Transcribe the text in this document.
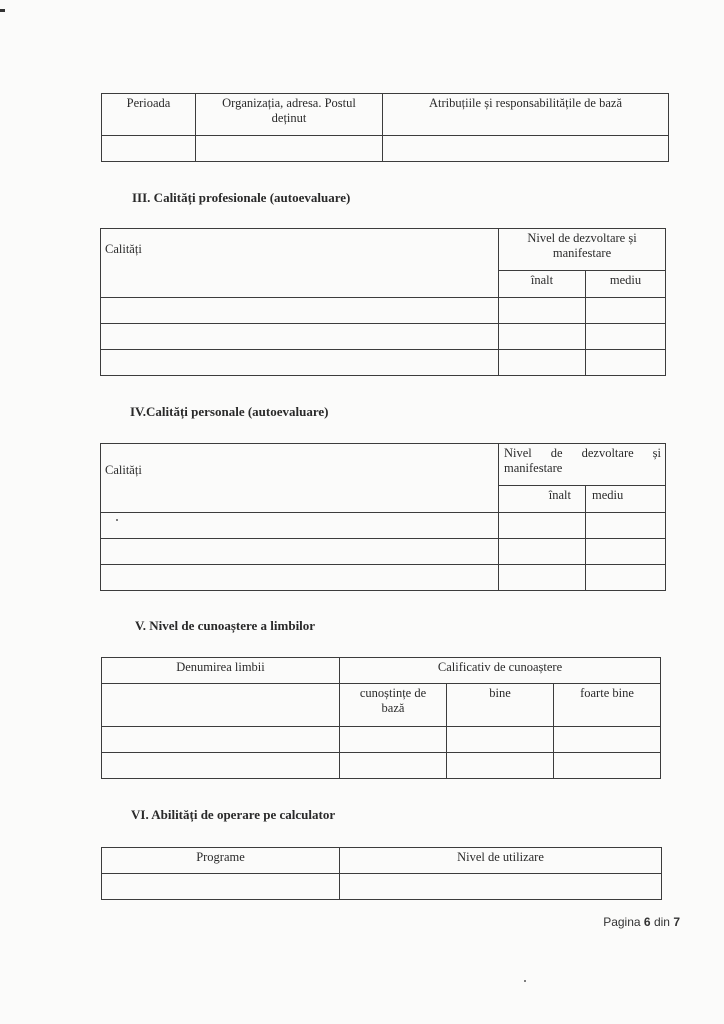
Perioada	Organizația, adresa. Postul deținut	Atribuțiile și responsabilitățile de bază

III. Calități profesionale (autoevaluare)
Calități	Nivel de dezvoltare și manifestare	
	înalt	mediu

IV.Calități personale (autoevaluare)
Calități	Nivel de dezvoltare și manifestare	
	înalt	mediu

V. Nivel de cunoaștere a limbilor
Denumirea limbii	Calificativ de cunoaștere		
	cunoștințe de bază	bine	foarte bine

VI. Abilități de operare pe calculator
Programe	Nivel de utilizare

Pagina 6 din 7
